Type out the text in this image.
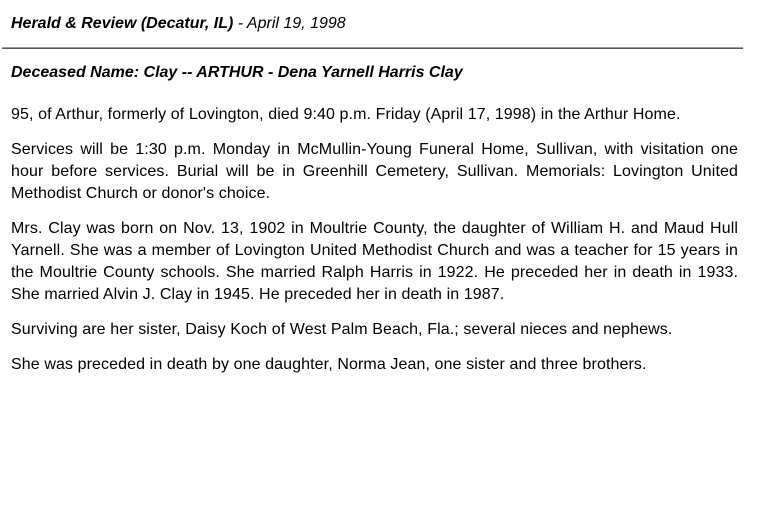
Herald & Review (Decatur, IL) - April 19, 1998
Deceased Name: Clay -- ARTHUR - Dena Yarnell Harris Clay

95, of Arthur, formerly of Lovington, died 9:40 p.m. Friday (April 17, 1998) in the Arthur Home.

Services will be 1:30 p.m. Monday in McMullin-Young Funeral Home, Sullivan, with visitation one hour before services. Burial will be in Greenhill Cemetery, Sullivan. Memorials: Lovington United Methodist Church or donor's choice.

Mrs. Clay was born on Nov. 13, 1902 in Moultrie County, the daughter of William H. and Maud Hull Yarnell. She was a member of Lovington United Methodist Church and was a teacher for 15 years in the Moultrie County schools. She married Ralph Harris in 1922. He preceded her in death in 1933. She married Alvin J. Clay in 1945. He preceded her in death in 1987.

Surviving are her sister, Daisy Koch of West Palm Beach, Fla.; several nieces and nephews.

She was preceded in death by one daughter, Norma Jean, one sister and three brothers.
